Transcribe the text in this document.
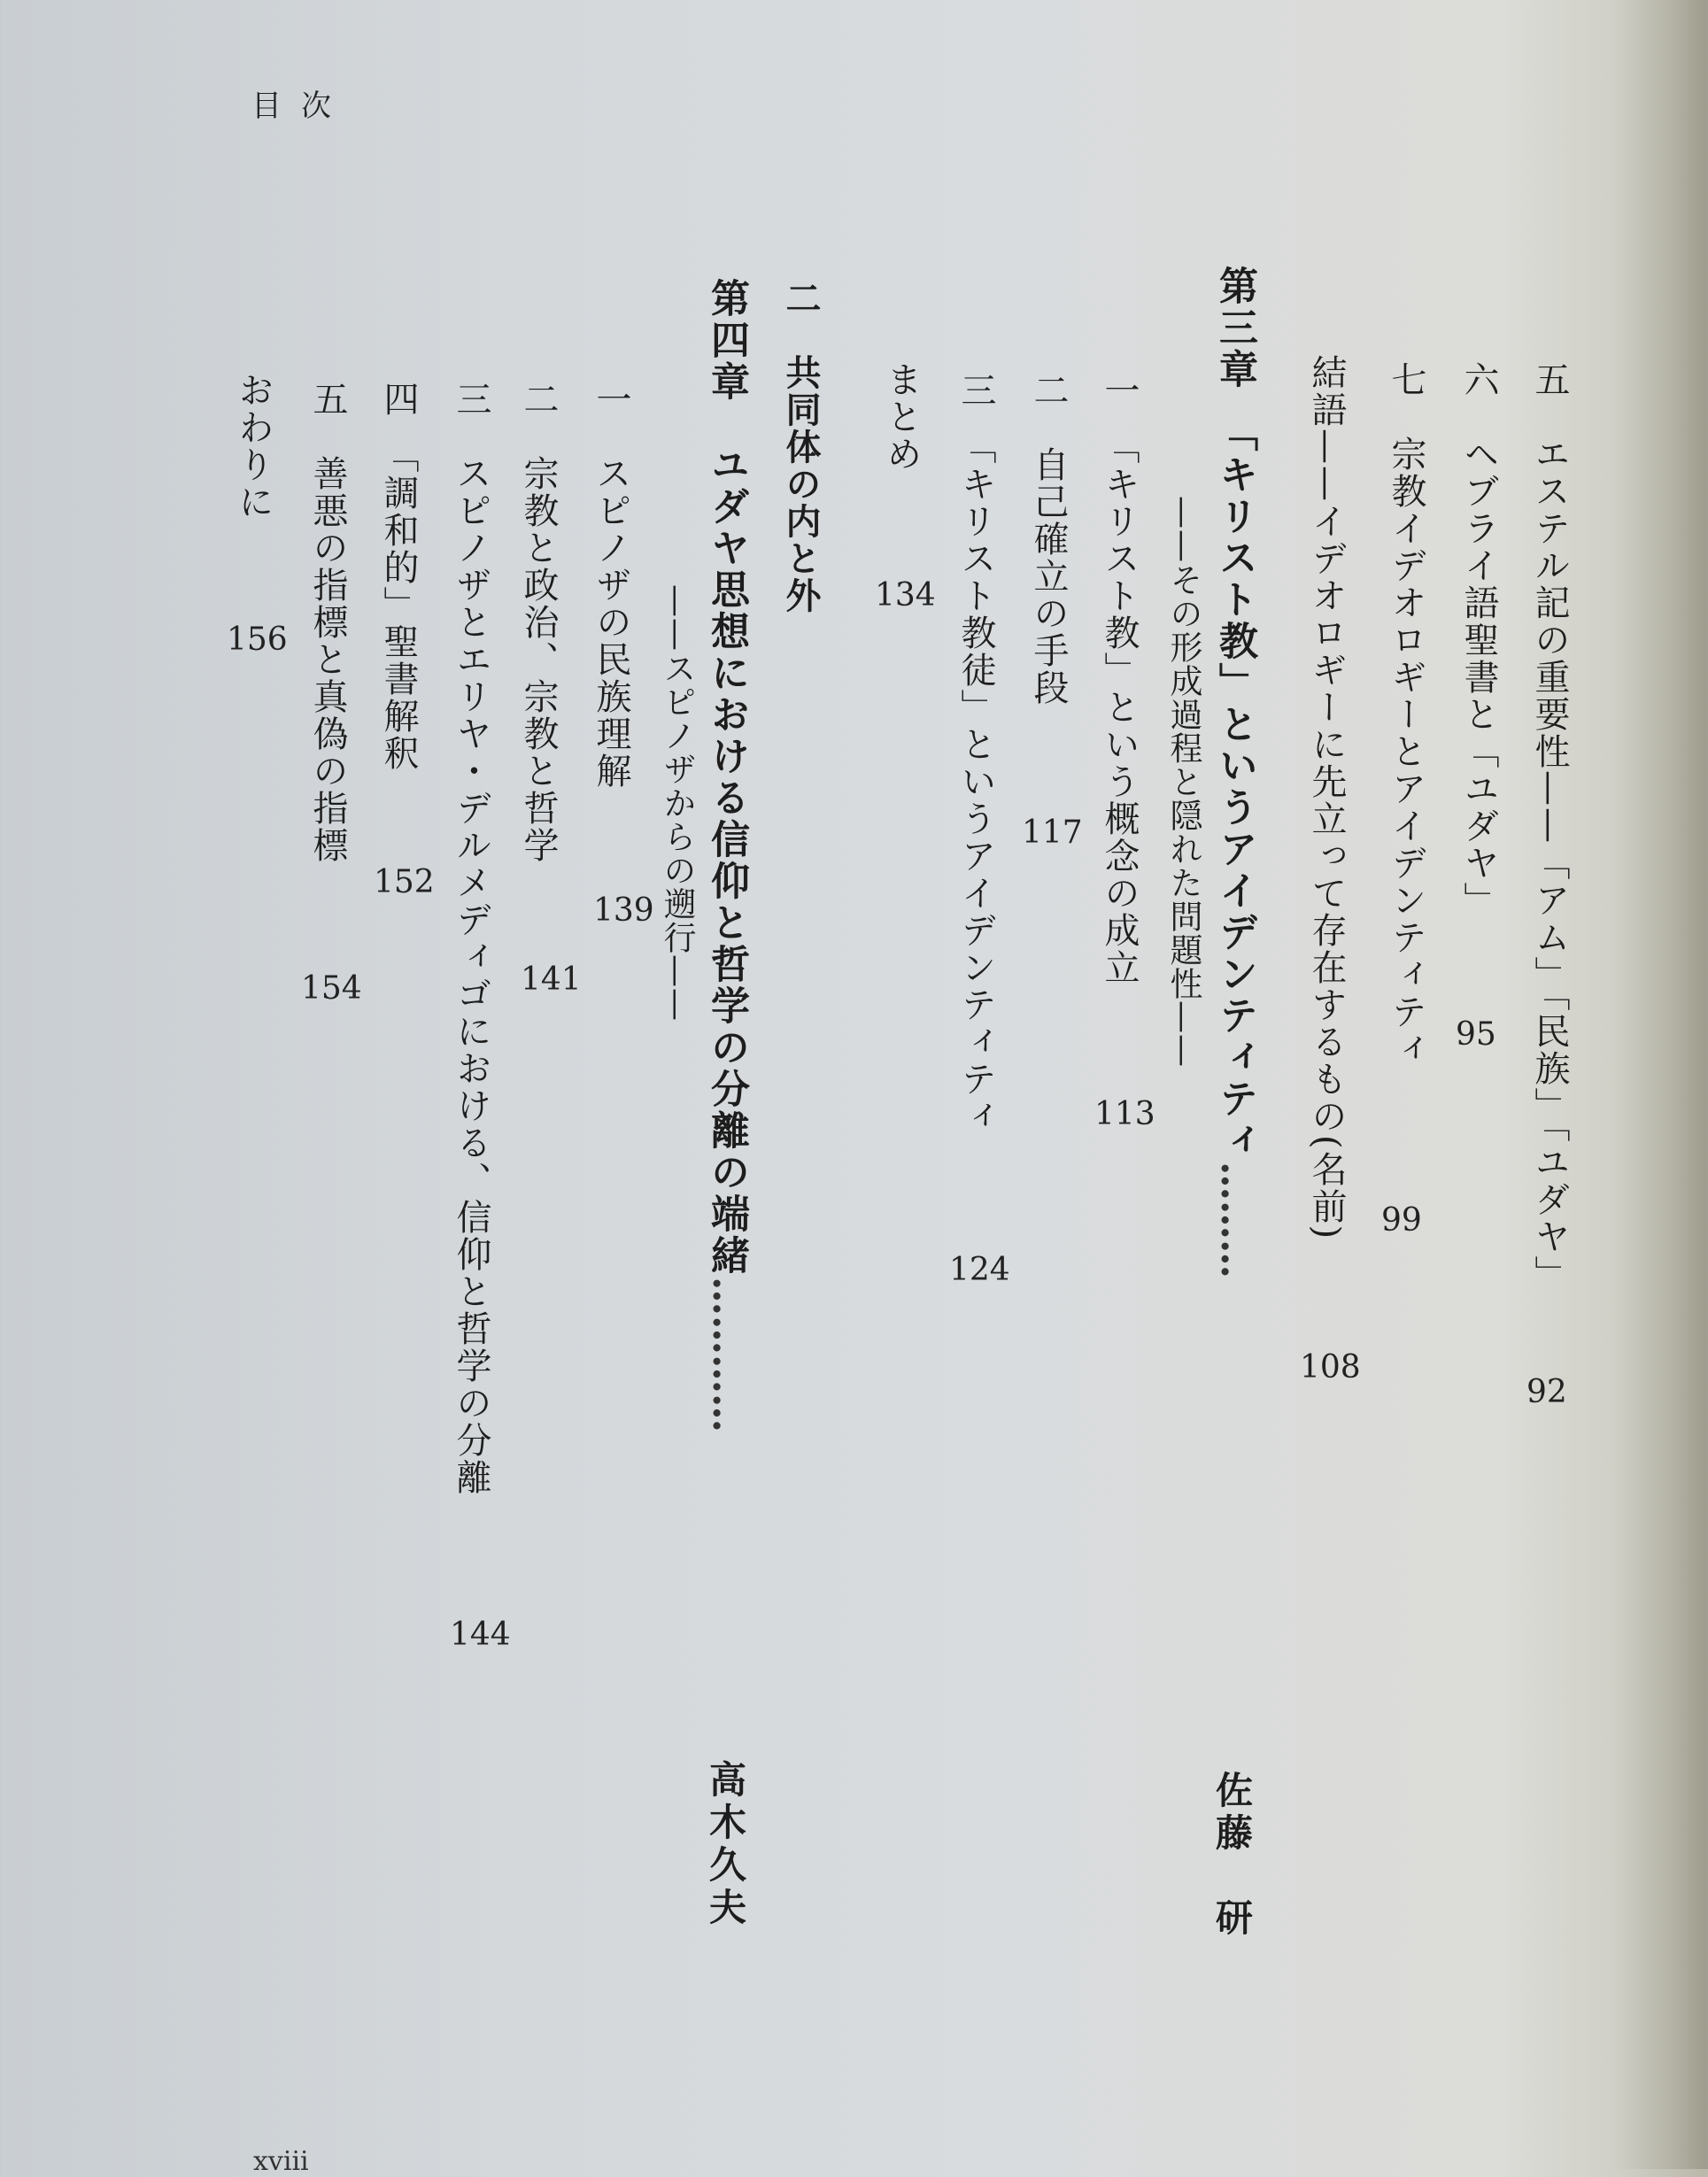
目次
五　エステル記の重要性——「アム」「民族」「ユダヤ」
92
六　ヘブライ語聖書と「ユダヤ」
95
七　宗教イデオロギーとアイデンティティ
99
結語——イデオロギーに先立って存在するもの(名前)
108
第三章　「キリスト教」というアイデンティティ………
佐藤　研
——その形成過程と隠れた問題性——
一　「キリスト教」という概念の成立
113
二　自己確立の手段
117
三　「キリスト教徒」というアイデンティティ
124
まとめ
134
二　共同体の内と外
第四章　ユダヤ思想における信仰と哲学の分離の端緒…………
高木久夫
——スピノザからの遡行——
一　スピノザの民族理解
139
二　宗教と政治、宗教と哲学
141
三　スピノザとエリヤ・デルメディゴにおける、信仰と哲学の分離
144
四　「調和的」聖書解釈
152
五　善悪の指標と真偽の指標
154
おわりに
156
xviii
